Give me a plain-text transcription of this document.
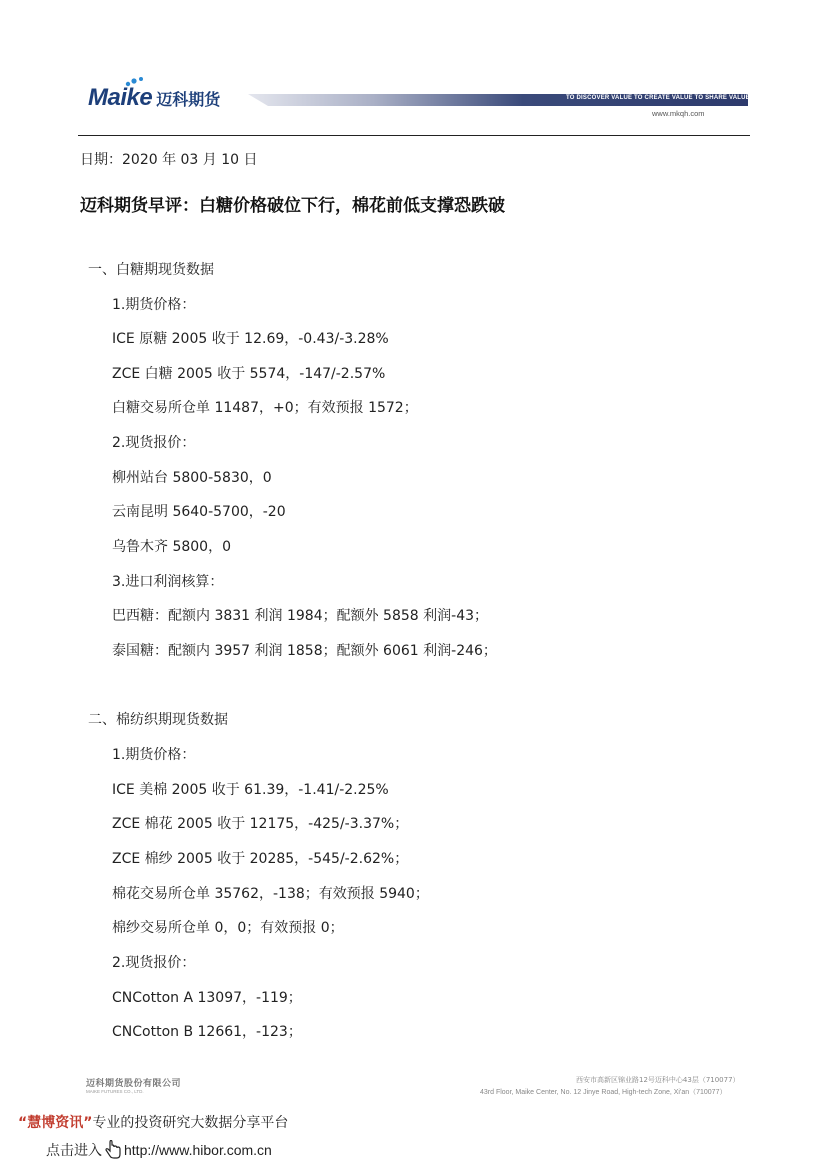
Maike 迈科期货	TO DISCOVER VALUE TO CREATE VALUE TO SHARE VALUE
www.mkqh.com
日期：2020 年 03 月 10 日
迈科期货早评：白糖价格破位下行，棉花前低支撑恐跌破
一、白糖期现货数据
1.期货价格：
ICE 原糖 2005 收于 12.69，-0.43/-3.28%
ZCE 白糖 2005 收于 5574，-147/-2.57%
白糖交易所仓单 11487，+0；有效预报 1572；
2.现货报价：
柳州站台 5800-5830，0
云南昆明 5640-5700，-20
乌鲁木齐 5800，0
3.进口利润核算：
巴西糖：配额内 3831 利润 1984；配额外 5858 利润-43；
泰国糖：配额内 3957 利润 1858；配额外 6061 利润-246；
二、棉纺织期现货数据
1.期货价格：
ICE 美棉 2005 收于 61.39，-1.41/-2.25%
ZCE 棉花 2005 收于 12175，-425/-3.37%；
ZCE 棉纱 2005 收于 20285，-545/-2.62%；
棉花交易所仓单 35762，-138；有效预报 5940；
棉纱交易所仓单 0，0；有效预报 0；
2.现货报价：
CNCotton A 13097，-119；
CNCotton B 12661，-123；
迈科期货股份有限公司
MAIKE FUTURES CO., LTD.
西安市高新区锦业路12号迈科中心43层（710077）
43rd Floor, Maike Center, No. 12 Jinye Road, High-tech Zone, Xi'an（710077）
“慧博资讯”专业的投资研究大数据分享平台
点击进入 http://www.hibor.com.cn
